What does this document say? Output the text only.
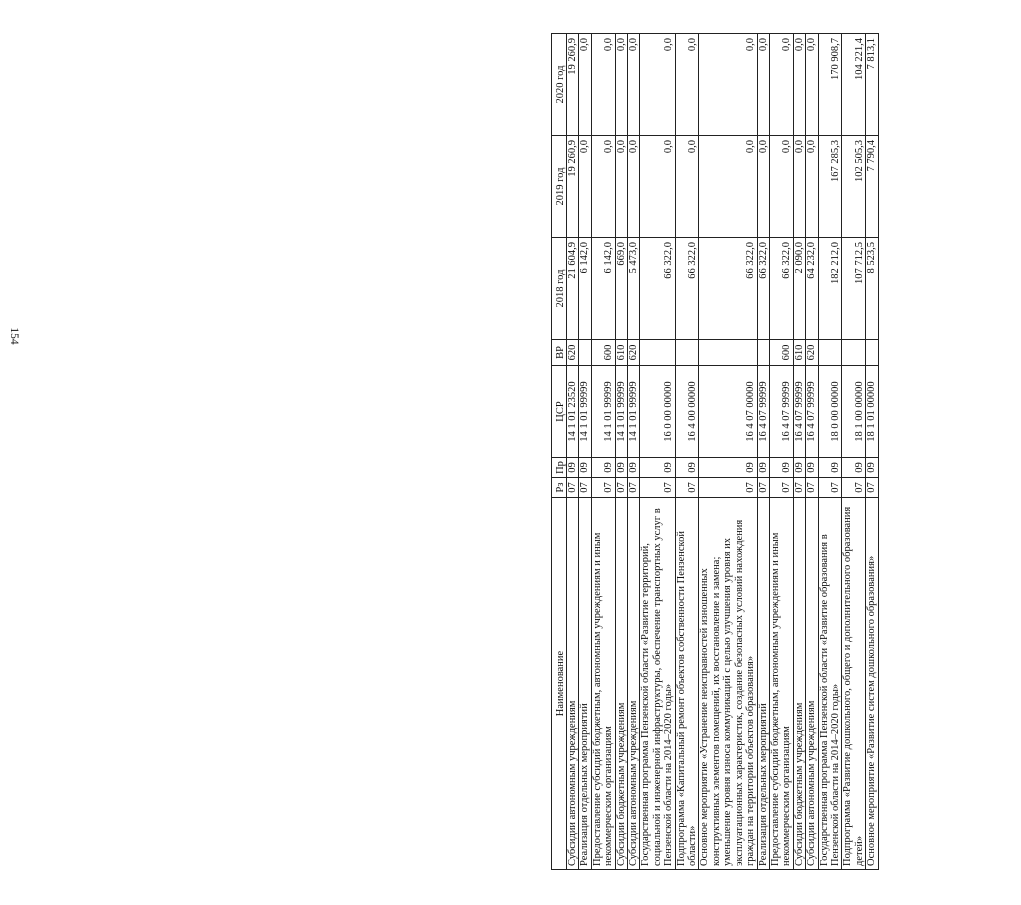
154
Наименование	Рз	Пр	ЦСР	ВР	2018 год	2019 год	2020 год
Субсидии автономным учреждениям	07	09	14 1 01 23520	620	21 604,9	19 260,9	19 260,9
Реализация отдельных мероприятий	07	09	14 1 01 99999		6 142,0	0,0	0,0
Предоставление субсидий бюджетным, автономным учреждениям и иным некоммерческим организациям	07	09	14 1 01 99999	600	6 142,0	0,0	0,0
Субсидии бюджетным учреждениям	07	09	14 1 01 99999	610	669,0	0,0	0,0
Субсидии автономным учреждениям	07	09	14 1 01 99999	620	5 473,0	0,0	0,0
Государственная программа Пензенской области «Развитие территорий, социальной и инженерной инфраструктуры, обеспечение транспортных услуг в Пензенской области на 2014–2020 годы»	07	09	16 0 00 00000		66 322,0	0,0	0,0
Подпрограмма «Капитальный ремонт объектов собственности Пензенской области»	07	09	16 4 00 00000		66 322,0	0,0	0,0
Основное мероприятие «Устранение неисправностей изношенных конструктивных элементов помещений, их восстановление и замена; уменьшение уровня износа коммуникаций с целью улучшения уровня их эксплуатационных характеристик, создание безопасных условий нахождения граждан на территории объектов образования»	07	09	16 4 07 00000		66 322,0	0,0	0,0
Реализация отдельных мероприятий	07	09	16 4 07 99999		66 322,0	0,0	0,0
Предоставление субсидий бюджетным, автономным учреждениям и иным некоммерческим организациям	07	09	16 4 07 99999	600	66 322,0	0,0	0,0
Субсидии бюджетным учреждениям	07	09	16 4 07 99999	610	2 090,0	0,0	0,0
Субсидии автономным учреждениям	07	09	16 4 07 99999	620	64 232,0	0,0	0,0
Государственная программа Пензенской области «Развитие образования в Пензенской области на 2014–2020 годы»	07	09	18 0 00 00000		182 212,0	167 285,3	170 908,7
Подпрограмма «Развитие дошкольного, общего и дополнительного образования детей»	07	09	18 1 00 00000		107 712,5	102 505,3	104 221,4
Основное мероприятие «Развитие систем дошкольного образования»	07	09	18 1 01 00000		8 523,5	7 790,4	7 813,1
